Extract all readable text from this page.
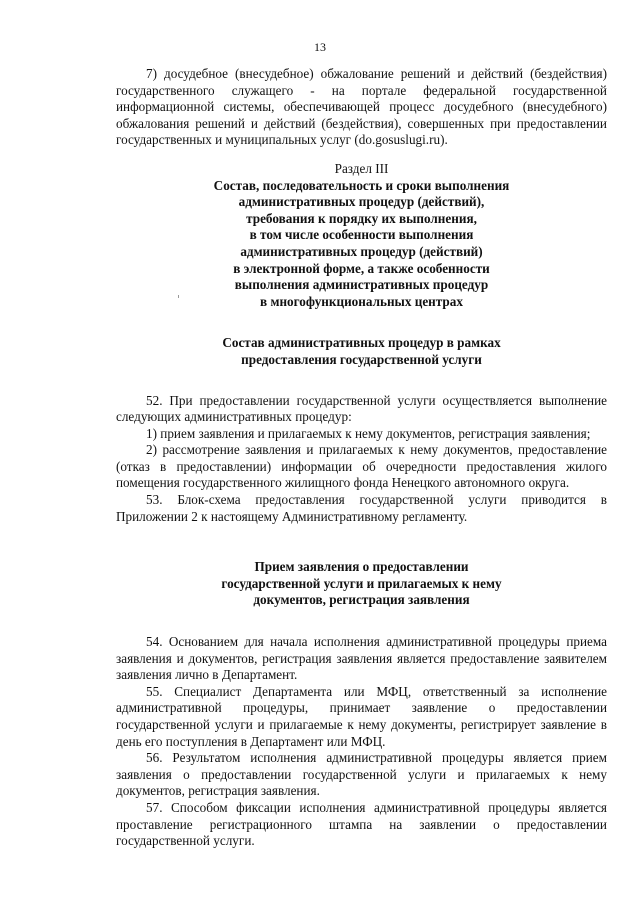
13

7) досудебное (внесудебное) обжалование решений и действий (бездействия) государственного служащего - на портале федеральной государственной информационной системы, обеспечивающей процесс досудебного (внесудебного) обжалования решений и действий (бездействия), совершенных при предоставлении государственных и муниципальных услуг (do.gosuslugi.ru).

Раздел III

Состав, последовательность и сроки выполнения

административных процедур (действий),

требования к порядку их выполнения,

в том числе особенности выполнения

административных процедур (действий)

в электронной форме, а также особенности

выполнения административных процедур

в многофункциональных центрах

Состав административных процедур в рамках

предоставления государственной услуги

52. При предоставлении государственной услуги осуществляется выполнение следующих административных процедур:

1) прием заявления и прилагаемых к нему документов, регистрация заявления;

2) рассмотрение заявления и прилагаемых к нему документов, предоставление (отказ в предоставлении) информации об очередности предоставления жилого помещения государственного жилищного фонда Ненецкого автономного округа.

53. Блок-схема предоставления государственной услуги приводится в Приложении 2 к настоящему Административному регламенту.

Прием заявления о предоставлении

государственной услуги и прилагаемых к нему

документов, регистрация заявления

54. Основанием для начала исполнения административной процедуры приема заявления и документов, регистрация заявления является предоставление заявителем заявления лично в Департамент.

55. Специалист Департамента или МФЦ, ответственный за исполнение административной процедуры, принимает заявление о предоставлении государственной услуги и прилагаемые к нему документы, регистрирует заявление в день его поступления в Департамент или МФЦ.

56. Результатом исполнения административной процедуры является прием заявления о предоставлении государственной услуги и прилагаемых к нему документов, регистрация заявления.

57. Способом фиксации исполнения административной процедуры является проставление регистрационного штампа на заявлении о предоставлении государственной услуги.
